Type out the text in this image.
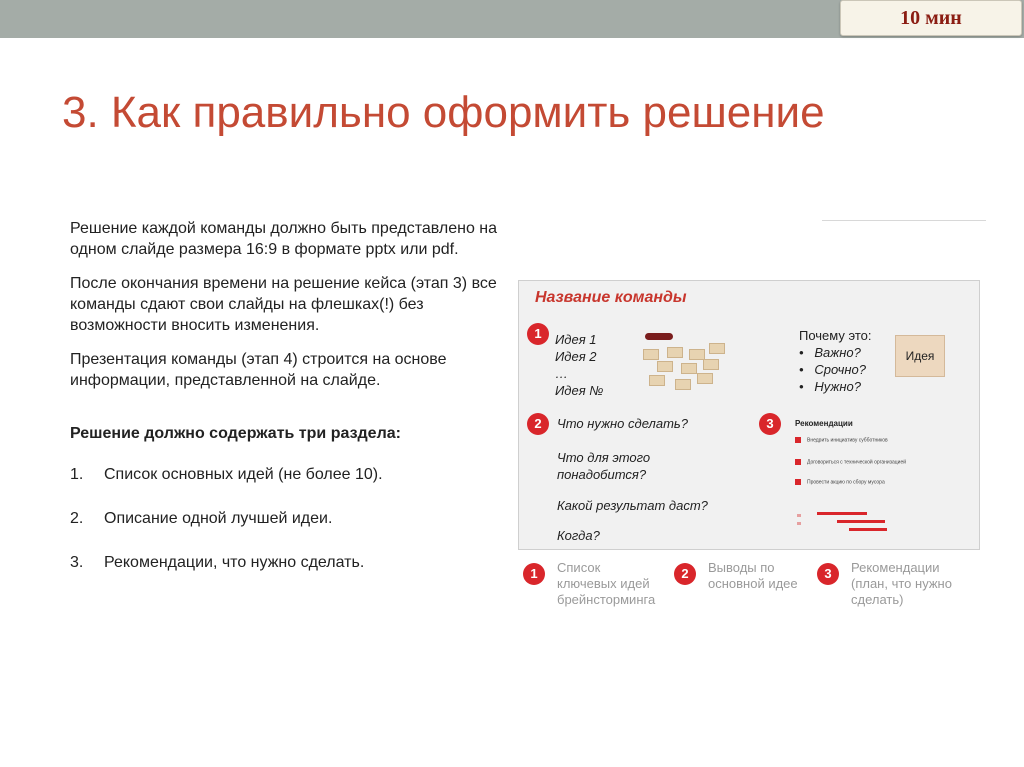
10 мин
3. Как правильно оформить решение

Решение каждой команды должно быть представлено на одном слайде размера 16:9 в формате pptx или pdf.

После окончания времени на решение кейса (этап 3) все команды сдают свои слайды на флешках(!) без возможности вносить изменения.

Презентация команды (этап 4) строится на основе информации, представленной на слайде.

Решение должно содержать три раздела:

1.	Список основных идей (не более 10).
2.	Описание одной лучшей идеи.
3.	Рекомендации, что нужно сделать.
Название команды
1	Идея 1
Идея 2
…
Идея №
Почему это:
•   Важно?
•   Срочно?
•   Нужно?
Идея
2	Что нужно сделать?
Что для этого
понадобится?
Какой результат даст?
Когда?
3	Рекомендации
Внедрить инициативу субботников
Договориться с технической организацией
Провести акцию по сбору мусора
1	Список
ключевых идей
брейнсторминга
2	Выводы по
основной идее
3	Рекомендации
(план, что нужно
сделать)
